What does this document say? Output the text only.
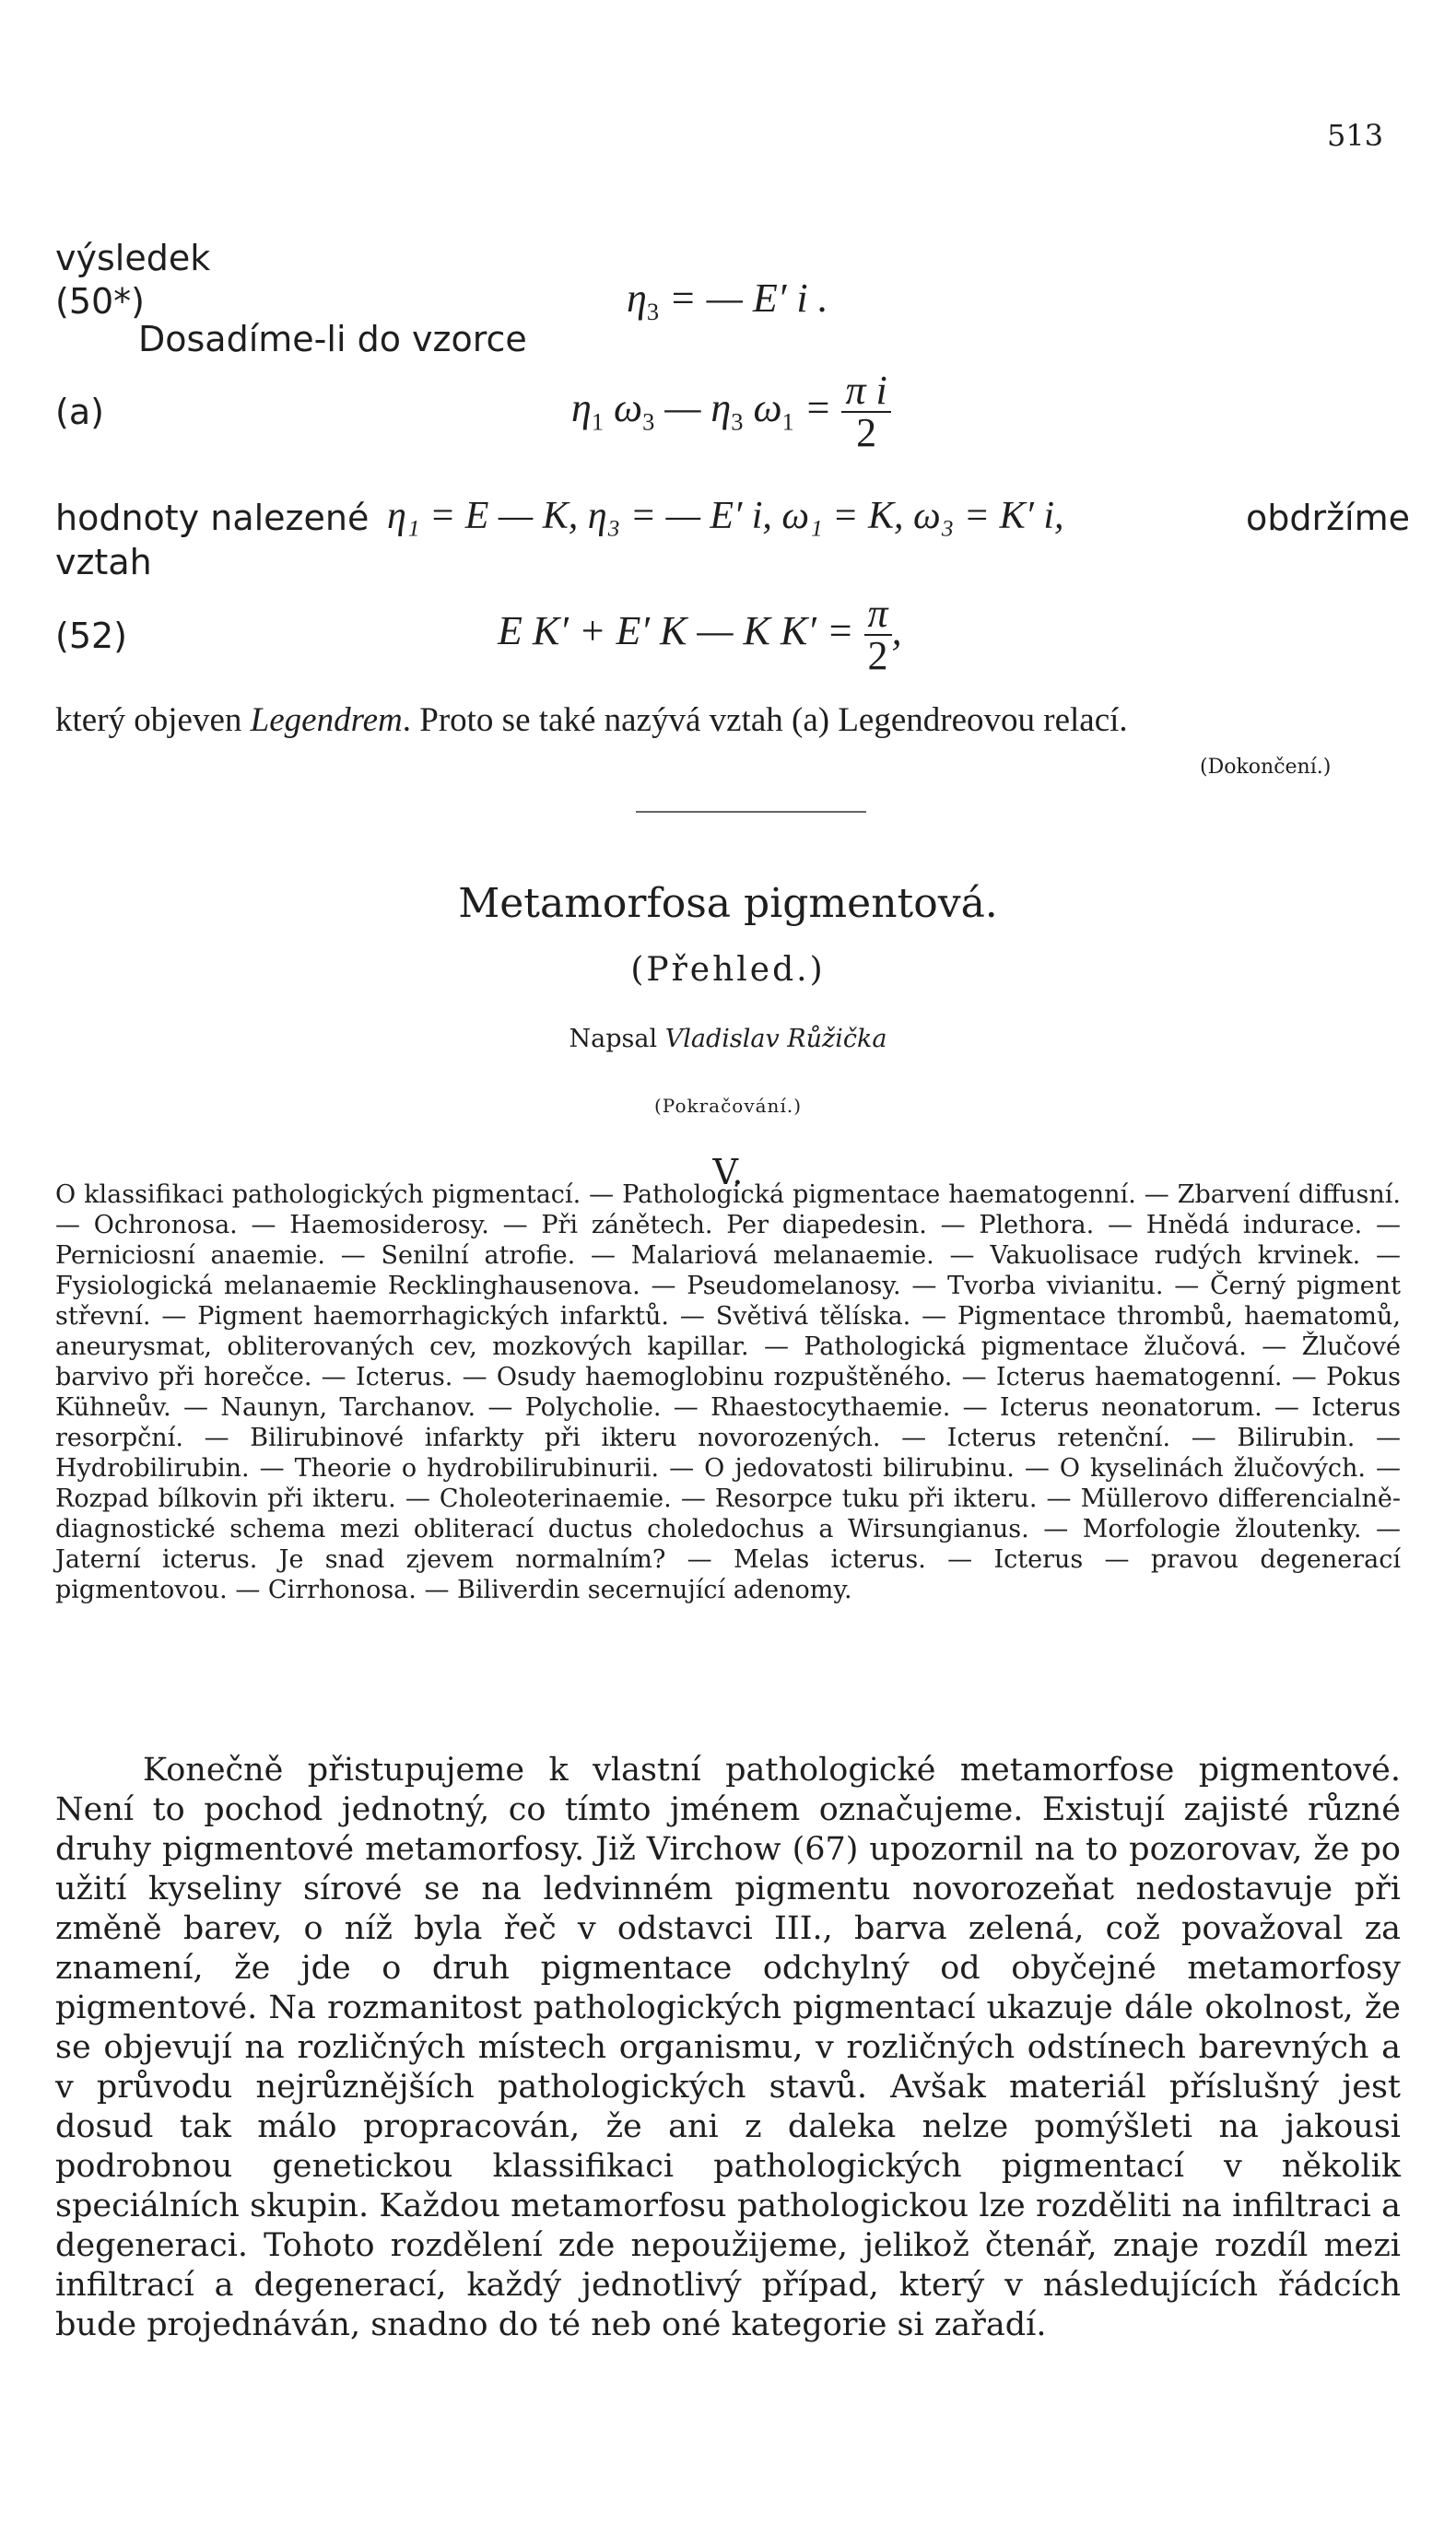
513
výsledek
(50*)	$\eta_3$ = — E′ i .
Dosadíme-li do vzorce
(a)	$\eta_1$ $\omega_3$ — $\eta_3$ $\omega_1 = \frac{\text{π i}}{2}$
hodnoty nalezené η₁ = E — K, η₃ = — E′ i, ω₁ = K, ω₃ = K′ i,	obdržíme
vztah
(52)	E K′ + E′ K — K $K' = \frac{\pi}{2}$ ,
který objeven Legendrem. Proto se také nazývá vztah (a) Legendreovou relací.
(Dokončení.)
Metamorfosa pigmentová.
(Přehled.)
Napsal Vladislav Růžička
(Pokračování.)
V.

O klassifikaci pathologických pigmentací. — Pathologická pigmentace haematogenní. — Zbarvení diffusní. — Ochronosa. — Haemosiderosy. — Při zánětech. Per diapedesin. — Plethora. — Hnědá indurace. — Perniciosní anaemie. — Senilní atrofie. — Malariová melanaemie. — Vakuolisace rudých krvinek. — Fysiologická melanaemie Recklinghausenova. — Pseudomelanosy. — Tvorba vivianitu. — Černý pigment střevní. — Pigment haemorrhagických infarktů. — Světivá tělíska. — Pigmentace thrombů, haematomů, aneurysmat, obliterovaných cev, mozkových kapillar. — Pathologická pigmentace žlučová. — Žlučové barvivo při horečce. — Icterus. — Osudy haemoglobinu rozpuštěného. — Icterus haematogenní. — Pokus Kühneův. — Naunyn, Tarchanov. — Polycholie. — Rhaestocythaemie. — Icterus neonatorum. — Icterus resorpční. — Bilirubinové infarkty při ikteru novorozených. — Icterus retenční. — Bilirubin. — Hydrobilirubin. — Theorie o hydrobilirubinurii. — O jedovatosti bilirubinu. — O kyselinách žlučových. — Rozpad bílkovin při ikteru. — Choleoterinaemie. — Resorpce tuku při ikteru. — Müllerovo differencialně-diagnostické schema mezi obliterací ductus choledochus a Wirsungianus. — Morfologie žloutenky. — Jaterní icterus. Je snad zjevem normalním? — Melas icterus. — Icterus — pravou degenerací pigmentovou. — Cirrhonosa. — Biliverdin secernující adenomy.

Konečně přistupujeme k vlastní pathologické metamorfose pigmentové. Není to pochod jednotný, co tímto jménem označujeme. Existují zajisté různé druhy pigmentové metamorfosy. Již Virchow (67) upozornil na to pozorovav, že po užití kyseliny sírové se na ledvinném pigmentu novorozeňat nedostavuje při změně barev, o níž byla řeč v odstavci III., barva zelená, což považoval za znamení, že jde o druh pigmentace odchylný od obyčejné metamorfosy pigmentové. Na rozmanitost pathologických pigmentací ukazuje dále okolnost, že se objevují na rozličných místech organismu, v rozličných odstínech barevných a v průvodu nejrůznějších pathologických stavů. Avšak materiál příslušný jest dosud tak málo propracován, že ani z daleka nelze pomýšleti na jakousi podrobnou genetickou klassifikaci pathologických pigmentací v několik speciálních skupin. Každou metamorfosu pathologickou lze rozděliti na infiltraci a degeneraci. Tohoto rozdělení zde nepoužijeme, jelikož čtenář, znaje rozdíl mezi infiltrací a degenerací, každý jednotlivý případ, který v následujících řádcích bude projednáván, snadno do té neb oné kategorie si zařadí.
